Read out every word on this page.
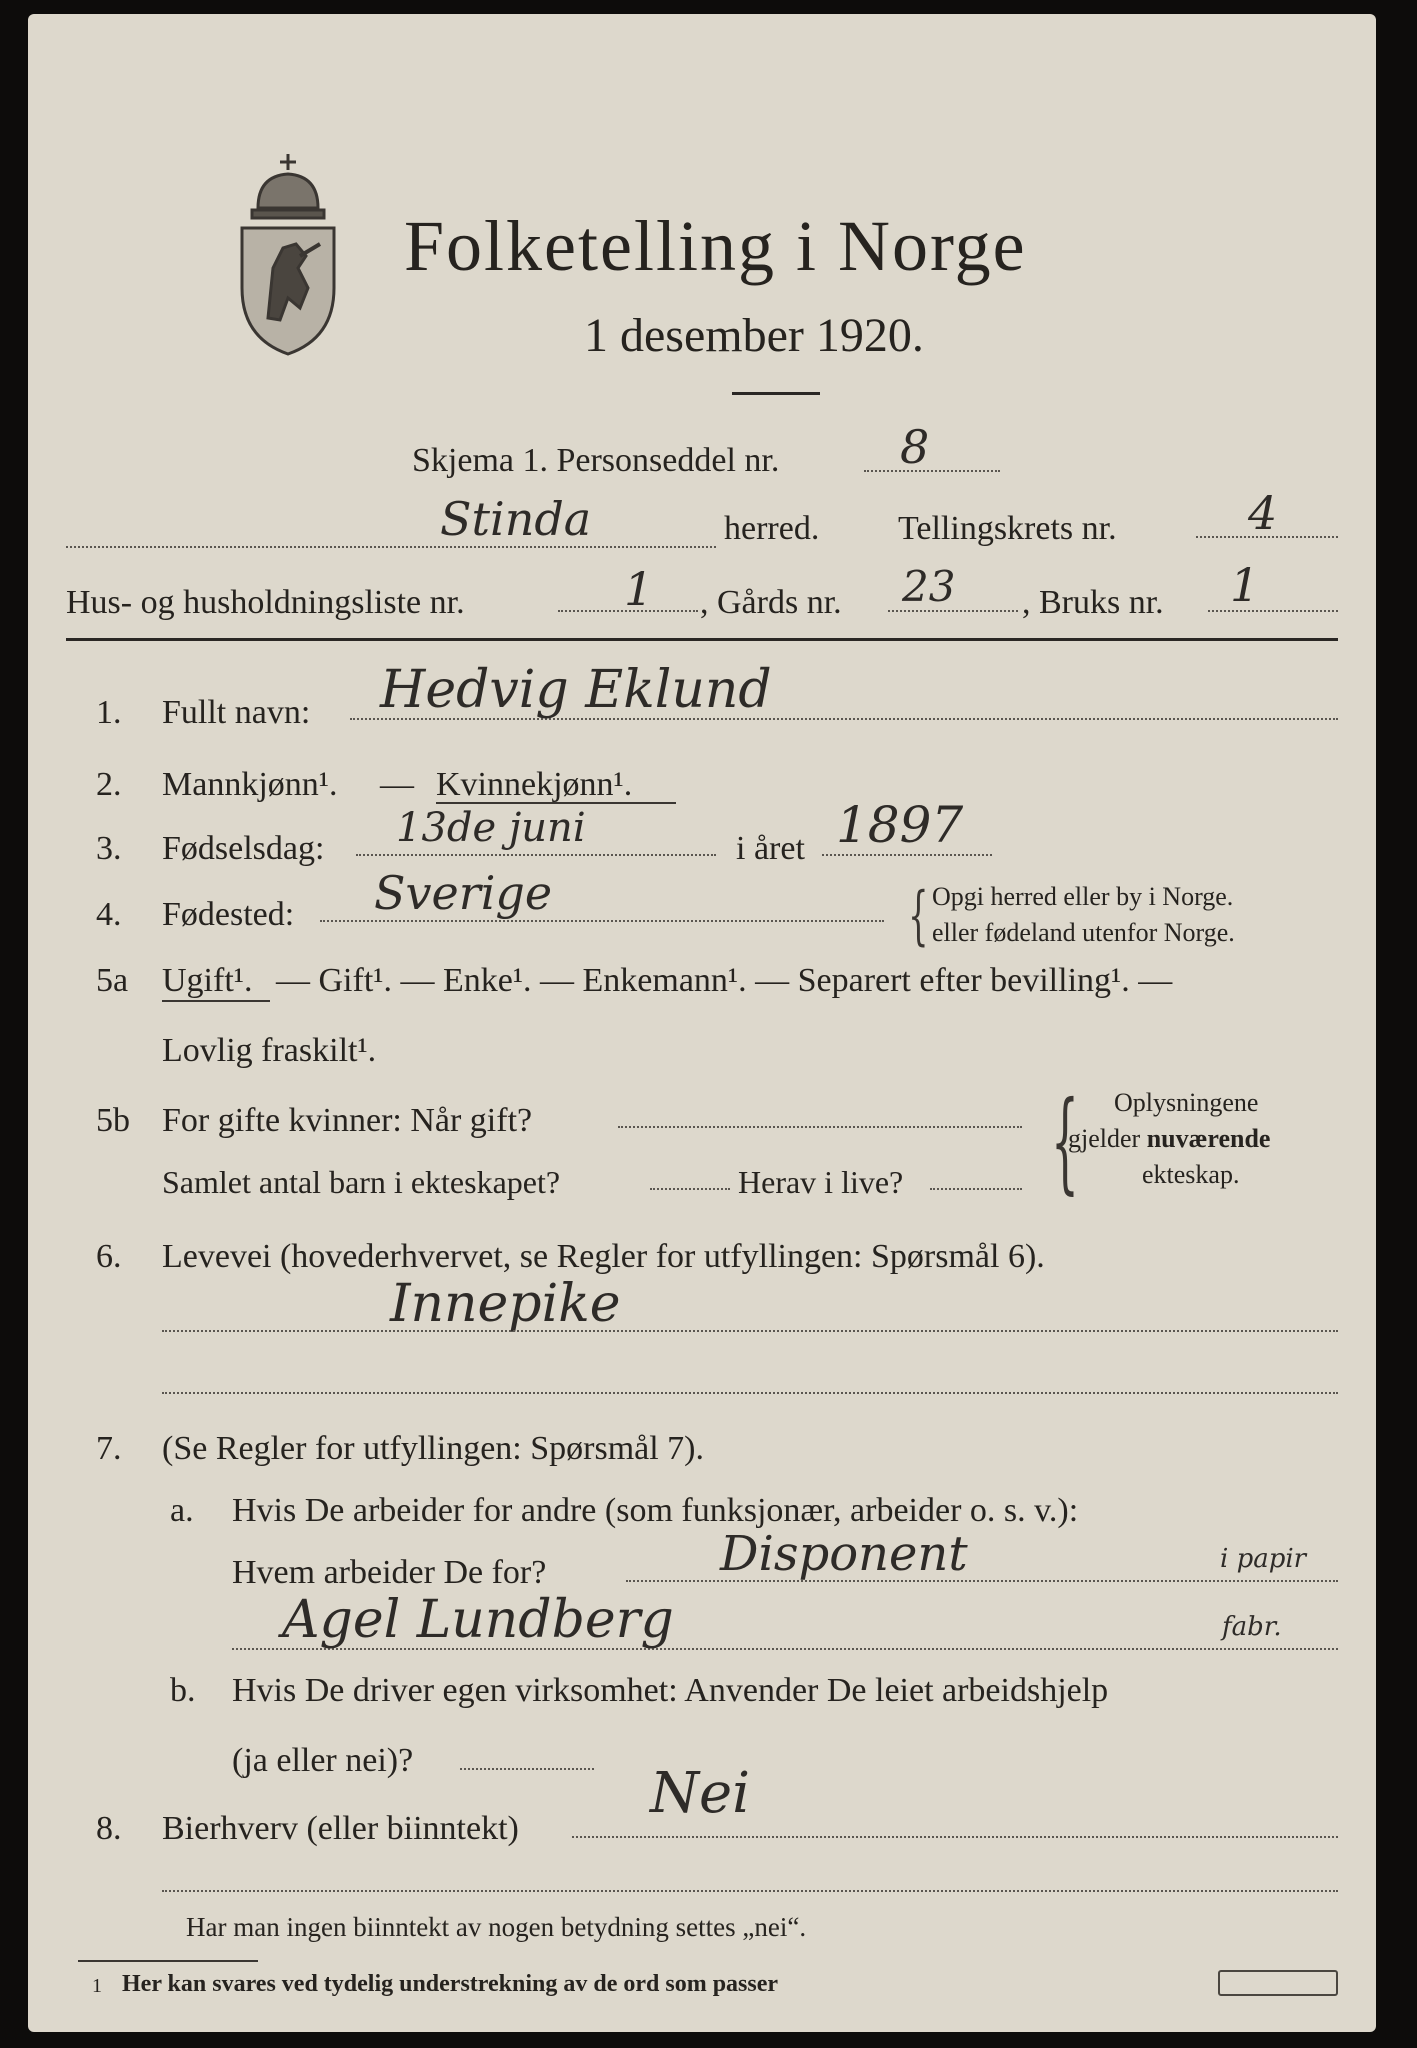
Folketelling i Norge
1 desember 1920.
Skjema 1. Personseddel nr.	8
Stinda	herred. Tellingskrets nr.	4
Hus- og husholdningsliste nr.	1 , Gårds nr. 23 , Bruks nr. 1
1. Fullt navn: Hedvig Eklund
2. Mannkjønn¹. — Kvinnekjønn¹.
3. Fødselsdag: 13de juni	i året 1897
4. Fødested: Sverige	{ Opgi herred eller by i Norge.
eller fødeland utenfor Norge.
5a Ugift¹. — Gift¹. — Enke¹. — Enkemann¹. — Separert efter bevilling¹. —
Lovlig fraskilt¹.
5b For gifte kvinner: Når gift?
Samlet antal barn i ekteskapet?	Herav i live? { Oplysningene
gjelder nuværende
ekteskap.
6. Levevei (hovederhvervet, se Regler for utfyllingen: Spørsmål 6).
Innepike
7. (Se Regler for utfyllingen: Spørsmål 7).
a. Hvis De arbeider for andre (som funksjonær, arbeider o. s. v.):
Hvem arbeider De for?	Disponent	i papir
Agel Lundberg	fabr.
b. Hvis De driver egen virksomhet: Anvender De leiet arbeidshjelp
(ja eller nei)?
8. Bierhverv (eller biinntekt)
Nei
Har man ingen biinntekt av nogen betydning settes „nei“.
1 Her kan svares ved tydelig understrekning av de ord som passer
